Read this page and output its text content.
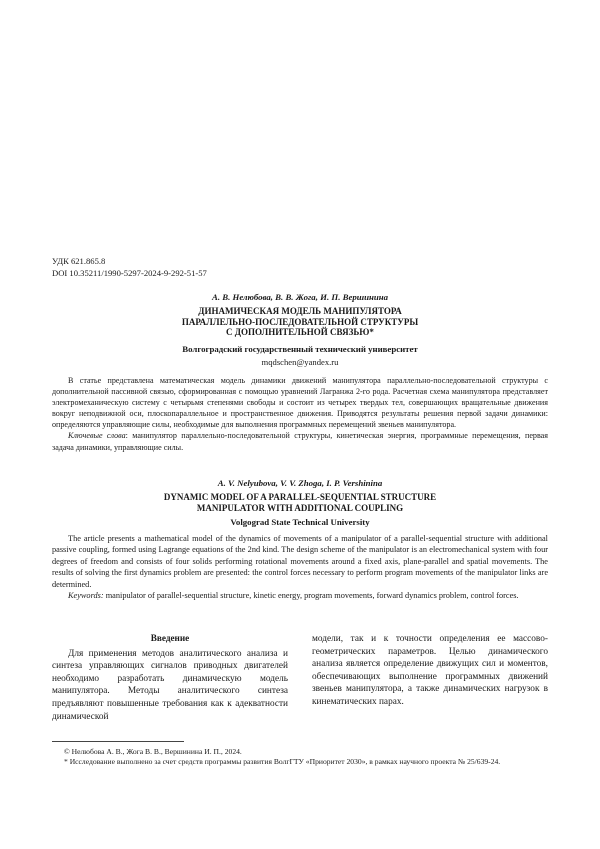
УДК 621.865.8
DOI 10.35211/1990-5297-2024-9-292-51-57
А. В. Нелюбова, В. В. Жога, И. П. Вершинина
ДИНАМИЧЕСКАЯ МОДЕЛЬ МАНИПУЛЯТОРА
ПАРАЛЛЕЛЬНО-ПОСЛЕДОВАТЕЛЬНОЙ СТРУКТУРЫ
С ДОПОЛНИТЕЛЬНОЙ СВЯЗЬЮ*
Волгоградский государственный технический университет
mqdschen@yandex.ru

В статье представлена математическая модель динамики движений манипулятора параллельно-последовательной структуры с дополнительной пассивной связью, сформированная с помощью уравнений Лагранжа 2-го рода. Расчетная схема манипулятора представляет электромеханическую систему с четырьмя степенями свободы и состоит из четырех твердых тел, совершающих вращательные движения вокруг неподвижной оси, плоскопараллельное и пространственное движения. Приводятся результаты решения первой задачи динамики: определяются управляющие силы, необходимые для выполнения программных перемещений звеньев манипулятора.

Ключевые слова: манипулятор параллельно-последовательной структуры, кинетическая энергия, программные перемещения, первая задача динамики, управляющие силы.

A. V. Nelyubova, V. V. Zhoga, I. P. Vershinina
DYNAMIC MODEL OF A PARALLEL-SEQUENTIAL STRUCTURE
MANIPULATOR WITH ADDITIONAL COUPLING
Volgograd State Technical University

The article presents a mathematical model of the dynamics of movements of a manipulator of a parallel-sequential structure with additional passive coupling, formed using Lagrange equations of the 2nd kind. The design scheme of the manipulator is an electromechanical system with four degrees of freedom and consists of four solids performing rotational movements around a fixed axis, plane-parallel and spatial movements. The results of solving the first dynamics problem are presented: the control forces necessary to perform program movements of the manipulator links are determined.

Keywords: manipulator of parallel-sequential structure, kinetic energy, program movements, forward dynamics problem, control forces.

Введение

Для применения методов аналитического анализа и синтеза управляющих сигналов приводных двигателей необходимо разработать динамическую модель манипулятора. Методы аналитического синтеза предъявляют повышенные требования как к адекватности динамической

модели, так и к точности определения ее массово-геометрических параметров. Целью динамического анализа является определение движущих сил и моментов, обеспечивающих выполнение программных движений звеньев манипулятора, а также динамических нагрузок в кинематических парах.

© Нелюбова А. В., Жога В. В., Вершинина И. П., 2024.

* Исследование выполнено за счет средств программы развития ВолгГТУ «Приоритет 2030», в рамках научного проекта № 25/639-24.
